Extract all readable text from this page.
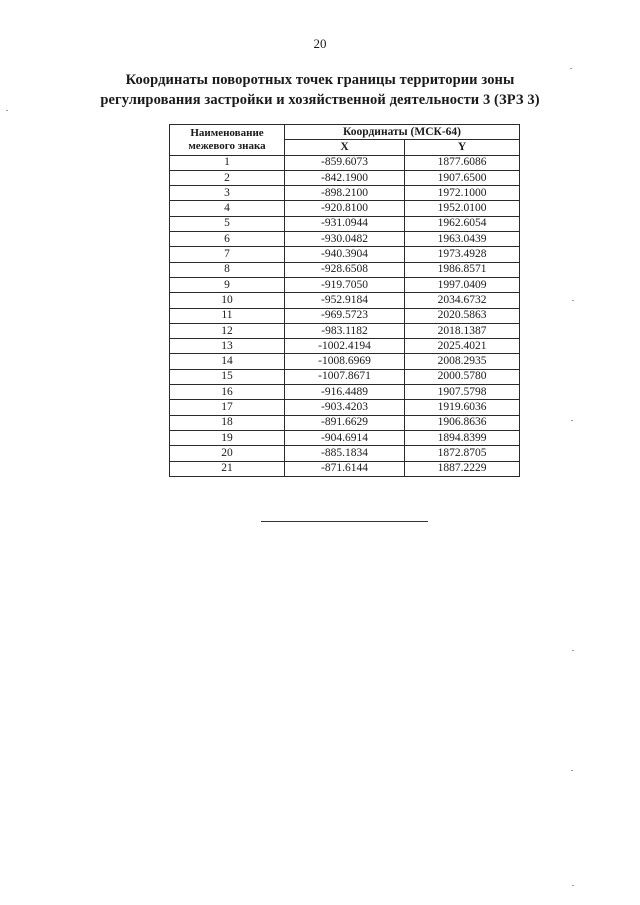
20
Координаты поворотных точек границы территории зоны
регулирования застройки и хозяйственной деятельности 3 (ЗРЗ 3)
Наименование межевого знака	Координаты (МСК-64)	
	X	Y
1	-859.6073	1877.6086
2	-842.1900	1907.6500
3	-898.2100	1972.1000
4	-920.8100	1952.0100
5	-931.0944	1962.6054
6	-930.0482	1963.0439
7	-940.3904	1973.4928
8	-928.6508	1986.8571
9	-919.7050	1997.0409
10	-952.9184	2034.6732
11	-969.5723	2020.5863
12	-983.1182	2018.1387
13	-1002.4194	2025.4021
14	-1008.6969	2008.2935
15	-1007.8671	2000.5780
16	-916.4489	1907.5798
17	-903.4203	1919.6036
18	-891.6629	1906.8636
19	-904.6914	1894.8399
20	-885.1834	1872.8705
21	-871.6144	1887.2229
